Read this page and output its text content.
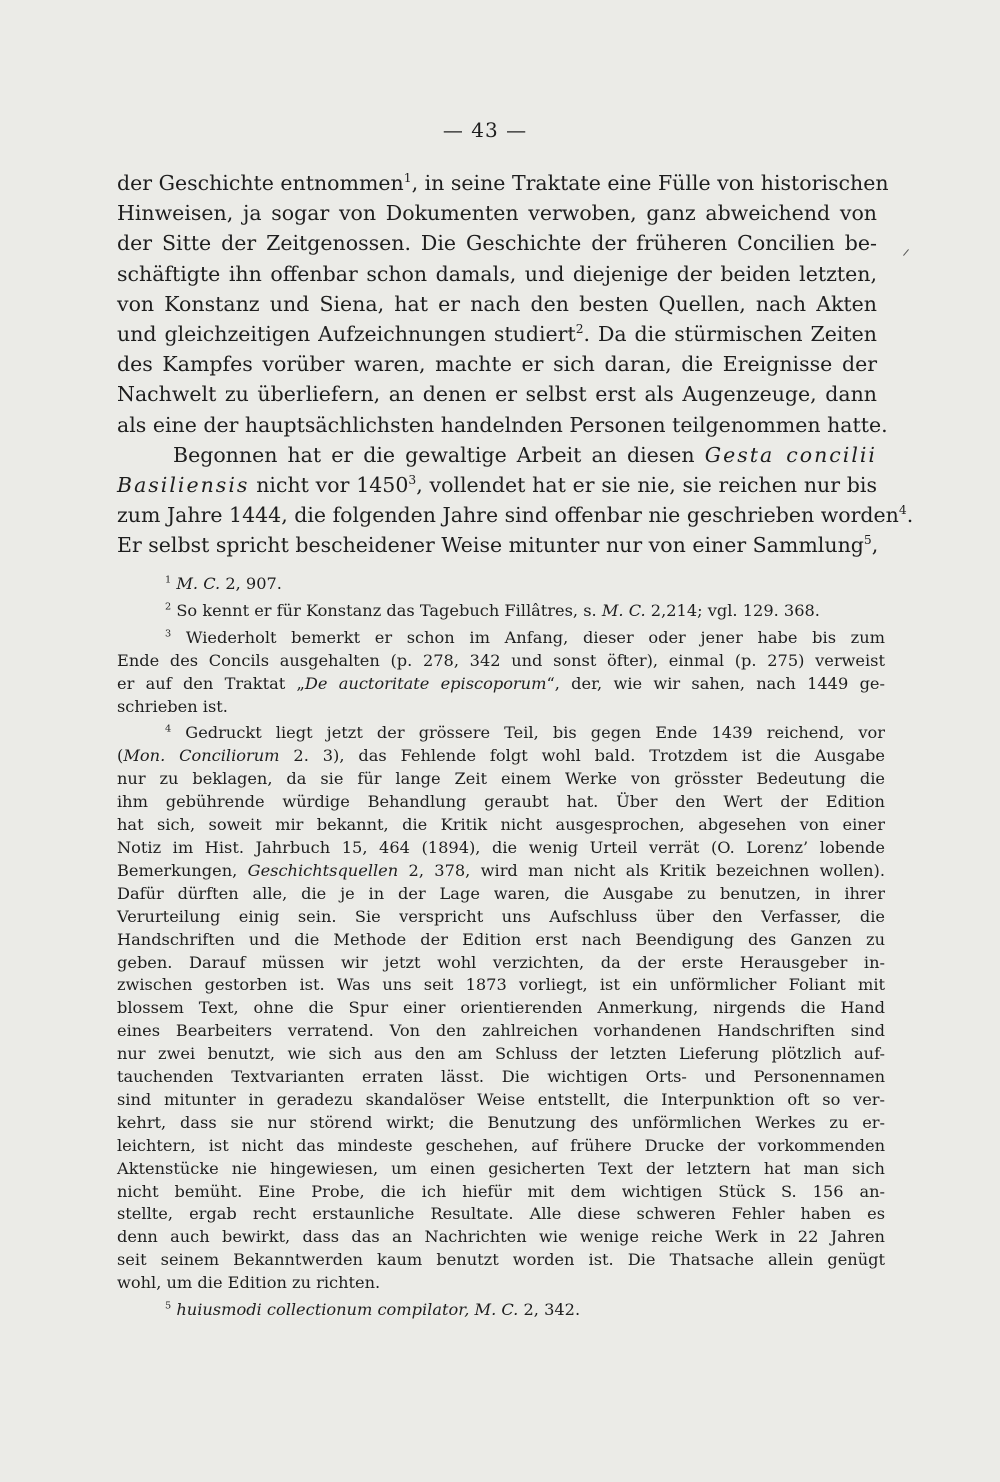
— 43 —
der Geschichte entnommen$^1$, in seine Traktate eine Fülle von historischen
Hinweisen, ja sogar von Dokumenten verwoben, ganz abweichend von
der Sitte der Zeitgenossen. Die Geschichte der früheren Concilien be-
schäftigte ihn offenbar schon damals, und diejenige der beiden letzten,
von Konstanz und Siena, hat er nach den besten Quellen, nach Akten
und gleichzeitigen Aufzeichnungen studiert$^2$. Da die stürmischen Zeiten
des Kampfes vorüber waren, machte er sich daran, die Ereignisse der
Nachwelt zu überliefern, an denen er selbst erst als Augenzeuge, dann
als eine der hauptsächlichsten handelnden Personen teilgenommen hatte.
Begonnen hat er die gewaltige Arbeit an diesen Gesta concilii
Basiliensis nicht vor 1450$^3$, vollendet hat er sie nie, sie reichen nur bis
zum Jahre 1444, die folgenden Jahre sind offenbar nie geschrieben worden$^4$.
Er selbst spricht bescheidener Weise mitunter nur von einer Sammlung$^5$,
$^1$ M. C. 2, 907.
$^2$ So kennt er für Konstanz das Tagebuch Fillâtres, s. M. C. 2,214; vgl. 129. 368.
$^3$ Wiederholt bemerkt er schon im Anfang, dieser oder jener habe bis zum
Ende des Concils ausgehalten (p. 278, 342 und sonst öfter), einmal (p. 275) verweist
er auf den Traktat „De auctoritate episcoporum“, der, wie wir sahen, nach 1449 ge-
schrieben ist.
$^4$ Gedruckt liegt jetzt der grössere Teil, bis gegen Ende 1439 reichend, vor
(Mon. Conciliorum 2. 3), das Fehlende folgt wohl bald. Trotzdem ist die Ausgabe
nur zu beklagen, da sie für lange Zeit einem Werke von grösster Bedeutung die
ihm gebührende würdige Behandlung geraubt hat. Über den Wert der Edition
hat sich, soweit mir bekannt, die Kritik nicht ausgesprochen, abgesehen von einer
Notiz im Hist. Jahrbuch 15, 464 (1894), die wenig Urteil verrät (O. Lorenz’ lobende
Bemerkungen, Geschichtsquellen 2, 378, wird man nicht als Kritik bezeichnen wollen).
Dafür dürften alle, die je in der Lage waren, die Ausgabe zu benutzen, in ihrer
Verurteilung einig sein. Sie verspricht uns Aufschluss über den Verfasser, die
Handschriften und die Methode der Edition erst nach Beendigung des Ganzen zu
geben. Darauf müssen wir jetzt wohl verzichten, da der erste Herausgeber in-
zwischen gestorben ist. Was uns seit 1873 vorliegt, ist ein unförmlicher Foliant mit
blossem Text, ohne die Spur einer orientierenden Anmerkung, nirgends die Hand
eines Bearbeiters verratend. Von den zahlreichen vorhandenen Handschriften sind
nur zwei benutzt, wie sich aus den am Schluss der letzten Lieferung plötzlich auf-
tauchenden Textvarianten erraten lässt. Die wichtigen Orts- und Personennamen
sind mitunter in geradezu skandalöser Weise entstellt, die Interpunktion oft so ver-
kehrt, dass sie nur störend wirkt; die Benutzung des unförmlichen Werkes zu er-
leichtern, ist nicht das mindeste geschehen, auf frühere Drucke der vorkommenden
Aktenstücke nie hingewiesen, um einen gesicherten Text der letztern hat man sich
nicht bemüht. Eine Probe, die ich hiefür mit dem wichtigen Stück S. 156 an-
stellte, ergab recht erstaunliche Resultate. Alle diese schweren Fehler haben es
denn auch bewirkt, dass das an Nachrichten wie wenige reiche Werk in 22 Jahren
seit seinem Bekanntwerden kaum benutzt worden ist. Die Thatsache allein genügt
wohl, um die Edition zu richten.
$^5$ huiusmodi collectionum compilator, M. C. 2, 342.
